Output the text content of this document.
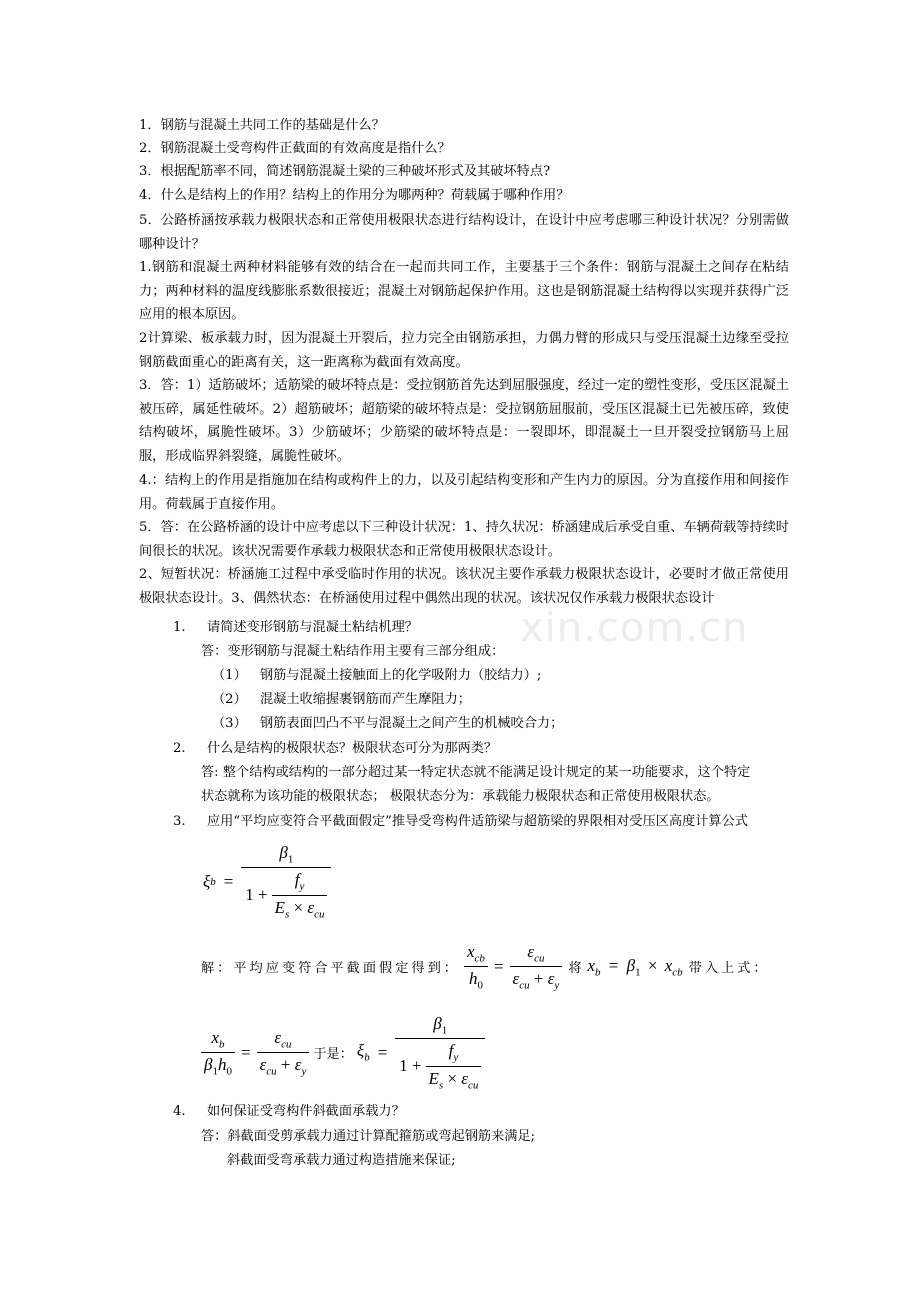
xin.com.cn
1．钢筋与混凝土共同工作的基础是什么？
2．钢筋混凝土受弯构件正截面的有效高度是指什么？
3．根据配筋率不同，简述钢筋混凝土梁的三种破坏形式及其破坏特点?
4．什么是结构上的作用？结构上的作用分为哪两种？荷载属于哪种作用？
5．公路桥涵按承载力极限状态和正常使用极限状态进行结构设计，在设计中应考虑哪三种设计状况？分别需做哪种设计？
1.钢筋和混凝土两种材料能够有效的结合在一起而共同工作，主要基于三个条件：钢筋与混凝土之间存在粘结力；两种材料的温度线膨胀系数很接近；混凝土对钢筋起保护作用。这也是钢筋混凝土结构得以实现并获得广泛应用的根本原因。
2计算梁、板承载力时，因为混凝土开裂后，拉力完全由钢筋承担，力偶力臂的形成只与受压混凝土边缘至受拉钢筋截面重心的距离有关，这一距离称为截面有效高度。
3．答：1）适筋破坏；适筋梁的破坏特点是：受拉钢筋首先达到屈服强度，经过一定的塑性变形，受压区混凝土被压碎，属延性破坏。2）超筋破坏；超筋梁的破坏特点是：受拉钢筋屈服前，受压区混凝土已先被压碎，致使结构破坏，属脆性破坏。3）少筋破坏；少筋梁的破坏特点是：一裂即坏，即混凝土一旦开裂受拉钢筋马上屈服，形成临界斜裂缝，属脆性破坏。
4.：结构上的作用是指施加在结构或构件上的力，以及引起结构变形和产生内力的原因。分为直接作用和间接作用。荷载属于直接作用。
5．答：在公路桥涵的设计中应考虑以下三种设计状况：1、持久状况：桥涵建成后承受自重、车辆荷载等持续时间很长的状况。该状况需要作承载力极限状态和正常使用极限状态设计。
2、短暂状况：桥涵施工过程中承受临时作用的状况。该状况主要作承载力极限状态设计，必要时才做正常使用极限状态设计。3、偶然状态：在桥涵使用过程中偶然出现的状况。该状况仅作承载力极限状态设计
1. 请简述变形钢筋与混凝土粘结机理？
答：变形钢筋与混凝土粘结作用主要有三部分组成：
（1） 钢筋与混凝土接触面上的化学吸附力（胶结力）;
（2） 混凝土收缩握裹钢筋而产生摩阻力；
（3） 钢筋表面凹凸不平与混凝土之间产生的机械咬合力；
2. 什么是结构的极限状态？极限状态可分为那两类？
答: 整个结构或结构的一部分超过某一特定状态就不能满足设计规定的某一功能要求，这个特定
状态就称为该功能的极限状态； 极限状态分为：承载能力极限状态和正常使用极限状态。
3. 应用“平均应变符合平截面假定”推导受弯构件适筋梁与超筋梁的界限相对受压区高度计算公式
ξ $b = \frac{\beta_1}{1 + \frac{f_y}{E_s \times \varepsilon_{cu}}}$
解：平均应变符合平截面假定得到： $\frac{x_{cb}}{h_0} = \frac{\varepsilon_{cu}}{\varepsilon_{cu} + \varepsilon_y}$ 将 $x_b = \beta_1 \times x_{cb}$ 带入上式：
$\frac{x_b}{\beta_1h_0} = \frac{\varepsilon_{cu}}{\varepsilon_{cu} + \varepsilon_y}$ 于是： $\xi_b = \frac{\beta_1}{1 + \frac{f_y}{E_s \times \varepsilon_{cu}}}$
4. 如何保证受弯构件斜截面承载力？
答：斜截面受剪承载力通过计算配箍筋或弯起钢筋来满足;
斜截面受弯承载力通过构造措施来保证;
